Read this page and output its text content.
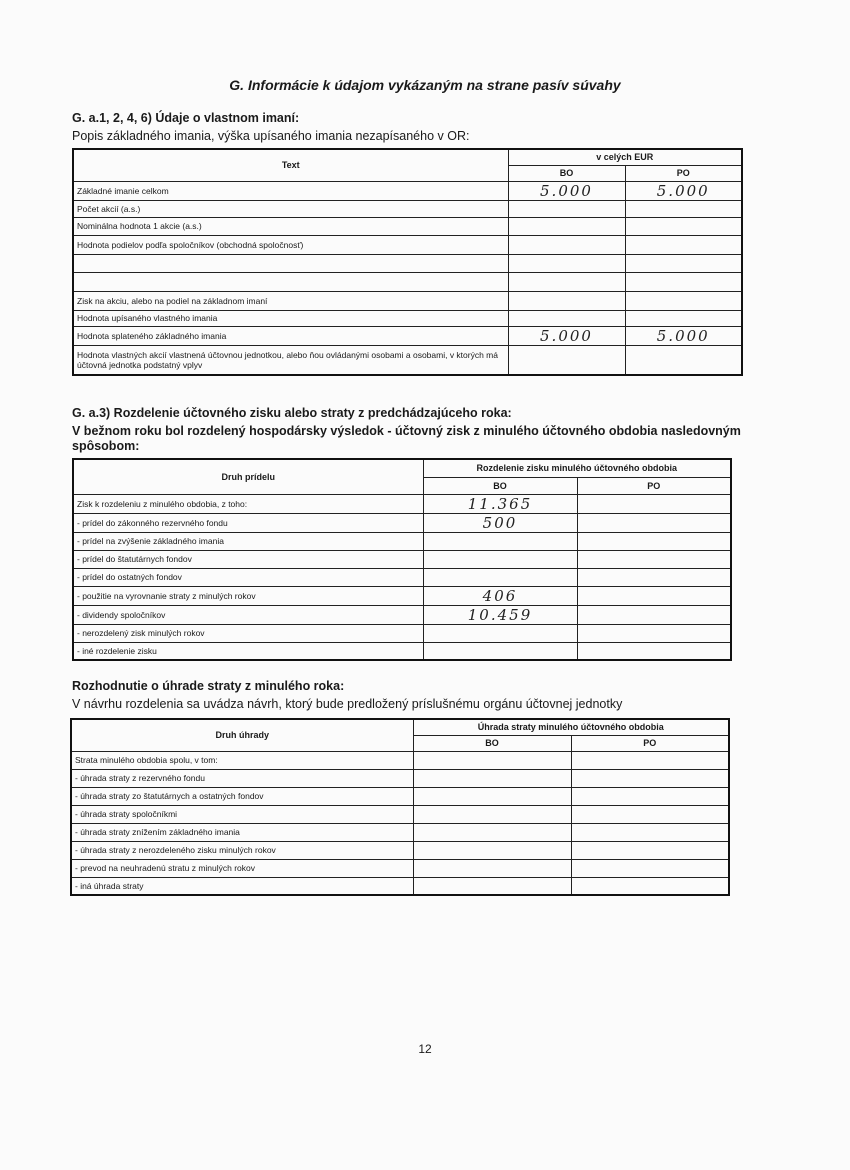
G. Informácie k údajom vykázaným na strane pasív súvahy
G. a.1, 2, 4, 6) Údaje o vlastnom imaní:
Popis základného imania, výška upísaného imania nezapísaného v OR:
Text	v celých EUR	
	BO	PO
Základné imanie celkom	5.000	5.000
Počet akcií (a.s.)		
Nominálna hodnota 1 akcie (a.s.)		
Hodnota podielov podľa spoločníkov (obchodná spoločnosť)		

Zisk na akciu, alebo na podiel na základnom imaní		
Hodnota upísaného vlastného imania		
Hodnota splateného základného imania	5.000	5.000
Hodnota vlastných akcií vlastnená účtovnou jednotkou, alebo ňou ovládanými osobami a osobami, v ktorých má účtovná jednotka podstatný vplyv		
G. a.3) Rozdelenie účtovného zisku alebo straty z predchádzajúceho roka:
V bežnom roku bol rozdelený hospodársky výsledok - účtovný zisk z minulého účtovného obdobia nasledovným spôsobom:
Druh prídelu	Rozdelenie zisku minulého účtovného obdobia	
	BO	PO
Zisk k rozdeleniu z minulého obdobia, z toho:	11.365	
- prídel do zákonného rezervného fondu	500	
- prídel na zvýšenie základného imania		
- prídel do štatutárnych fondov		
- prídel do ostatných fondov		
- použitie na vyrovnanie straty z minulých rokov	406	
- dividendy spoločníkov	10.459	
- nerozdelený zisk minulých rokov		
- iné rozdelenie zisku		
Rozhodnutie o úhrade straty z minulého roka:
V návrhu rozdelenia sa uvádza návrh, ktorý bude predložený príslušnému orgánu účtovnej jednotky
Druh úhrady	Úhrada straty minulého účtovného obdobia	
	BO	PO
Strata minulého obdobia spolu, v tom:		
- úhrada straty z rezervného fondu		
- úhrada straty zo štatutárnych a ostatných fondov		
- úhrada straty spoločníkmi		
- úhrada straty znížením základného imania		
- úhrada straty z nerozdeleného zisku minulých rokov		
- prevod na neuhradenú stratu z minulých rokov		
- iná úhrada straty		
12
